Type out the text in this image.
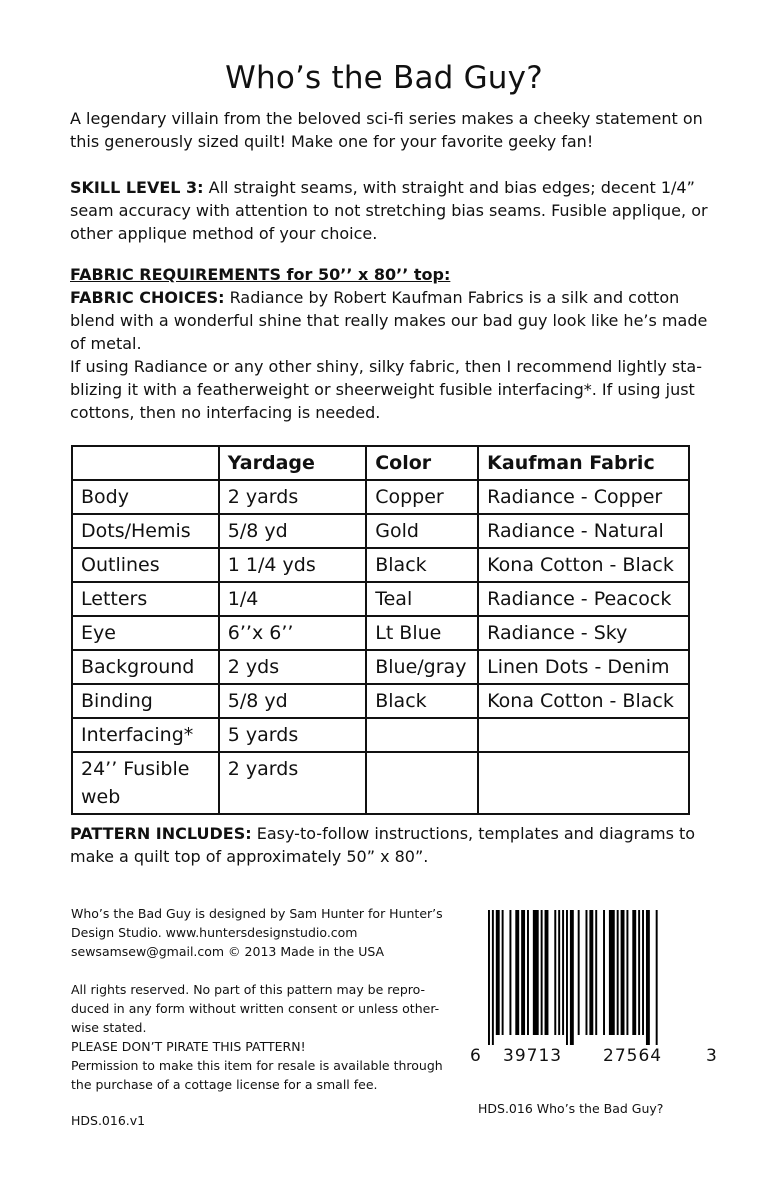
Who’s the Bad Guy?

A legendary villain from the beloved sci-fi series makes a cheeky statement on this generously sized quilt! Make one for your favorite geeky fan!

SKILL LEVEL 3: All straight seams, with straight and bias edges; decent 1/4” seam accuracy with attention to not stretching bias seams. Fusible applique, or other applique method of your choice.

FABRIC REQUIREMENTS for 50’’ x 80’’ top:

FABRIC CHOICES: Radiance by Robert Kaufman Fabrics is a silk and cotton blend with a wonderful shine that really makes our bad guy look like he’s made of metal.

If using Radiance or any other shiny, silky fabric, then I recommend lightly sta-blizing it with a featherweight or sheerweight fusible interfacing*. If using just cottons, then no interfacing is needed.

	Yardage	Color	Kaufman Fabric
Body	2 yards	Copper	Radiance - Copper
Dots/Hemis	5/8 yd	Gold	Radiance - Natural
Outlines	1 1/4 yds	Black	Kona Cotton - Black
Letters	1/4	Teal	Radiance - Peacock
Eye	6’’x 6’’	Lt Blue	Radiance - Sky
Background	2 yds	Blue/gray	Linen Dots - Denim
Binding	5/8 yd	Black	Kona Cotton - Black
Interfacing*	5 yards		
24’’ Fusible web	2 yards		

PATTERN INCLUDES: Easy-to-follow instructions, templates and diagrams to make a quilt top of approximately 50” x 80”.

Who’s the Bad Guy is designed by Sam Hunter for Hunter’s
Design Studio. www.huntersdesignstudio.com
sewsamsew@gmail.com © 2013 Made in the USA
All rights reserved. No part of this pattern may be repro-
duced in any form without written consent or unless other-
wise stated.
PLEASE DON’T PIRATE THIS PATTERN!
Permission to make this item for resale is available through
the purchase of a cottage license for a small fee.
6 39713 27564	3
HDS.016 Who’s the Bad Guy?
HDS.016.v1
